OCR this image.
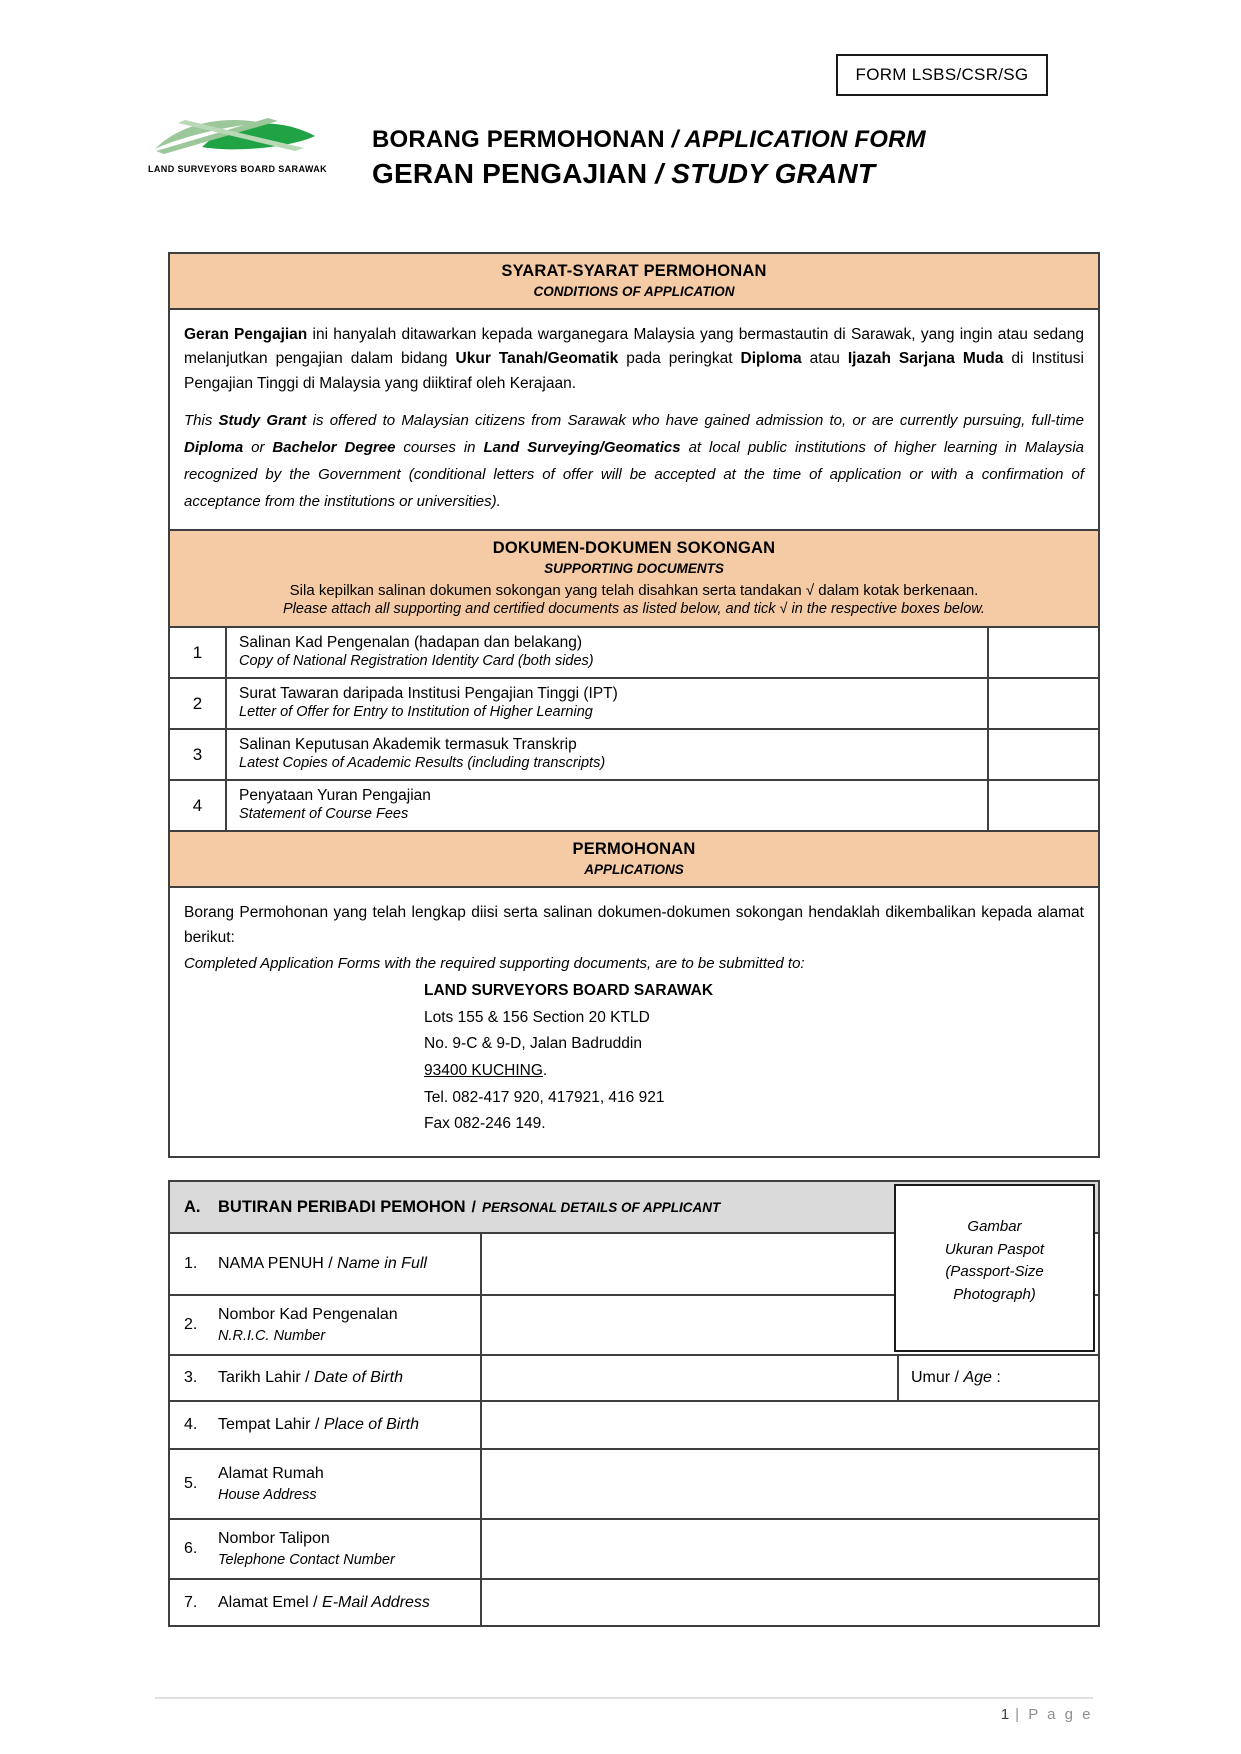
FORM LSBS/CSR/SG
LAND SURVEYORS BOARD SARAWAK
BORANG PERMOHONAN / APPLICATION FORM
GERAN PENGAJIAN / STUDY GRANT
SYARAT-SYARAT PERMOHONAN
CONDITIONS OF APPLICATION

Geran Pengajian ini hanyalah ditawarkan kepada warganegara Malaysia yang bermastautin di Sarawak, yang ingin atau sedang melanjutkan pengajian dalam bidang Ukur Tanah/Geomatik pada peringkat Diploma atau Ijazah Sarjana Muda di Institusi Pengajian Tinggi di Malaysia yang diiktiraf oleh Kerajaan.

This Study Grant is offered to Malaysian citizens from Sarawak who have gained admission to, or are currently pursuing, full-time Diploma or Bachelor Degree courses in Land Surveying/Geomatics at local public institutions of higher learning in Malaysia recognized by the Government (conditional letters of offer will be accepted at the time of application or with a confirmation of acceptance from the institutions or universities).

DOKUMEN-DOKUMEN SOKONGAN
SUPPORTING DOCUMENTS
Sila kepilkan salinan dokumen sokongan yang telah disahkan serta tandakan √ dalam kotak berkenaan.
Please attach all supporting and certified documents as listed below, and tick √ in the respective boxes below.
1	Salinan Kad Pengenalan (hadapan dan belakang)
Copy of National Registration Identity Card (both sides)
2	Surat Tawaran daripada Institusi Pengajian Tinggi (IPT)
Letter of Offer for Entry to Institution of Higher Learning
3	Salinan Keputusan Akademik termasuk Transkrip
Latest Copies of Academic Results (including transcripts)
4	Penyataan Yuran Pengajian
Statement of Course Fees
PERMOHONAN
APPLICATIONS

Borang Permohonan yang telah lengkap diisi serta salinan dokumen-dokumen sokongan hendaklah dikembalikan kepada alamat berikut:

Completed Application Forms with the required supporting documents, are to be submitted to:

LAND SURVEYORS BOARD SARAWAK
Lots 155 & 156 Section 20 KTLD
No. 9-C & 9-D, Jalan Badruddin
93400 KUCHING.
Tel. 082-417 920, 417921, 416 921
Fax 082-246 149.
A.	BUTIRAN PERIBADI PEMOHON / PERSONAL DETAILS OF APPLICANT
1.	NAMA PENUH / Name in Full
2.
Nombor Kad Pengenalan
N.R.I.C. Number
3.	Tarikh Lahir / Date of Birth	Umur / Age :
4.	Tempat Lahir / Place of Birth
5.
Alamat Rumah
House Address
6.
Nombor Talipon
Telephone Contact Number
7.	Alamat Emel / E-Mail Address
Gambar
Ukuran Paspot
(Passport-Size
Photograph)
1 | P a g e
